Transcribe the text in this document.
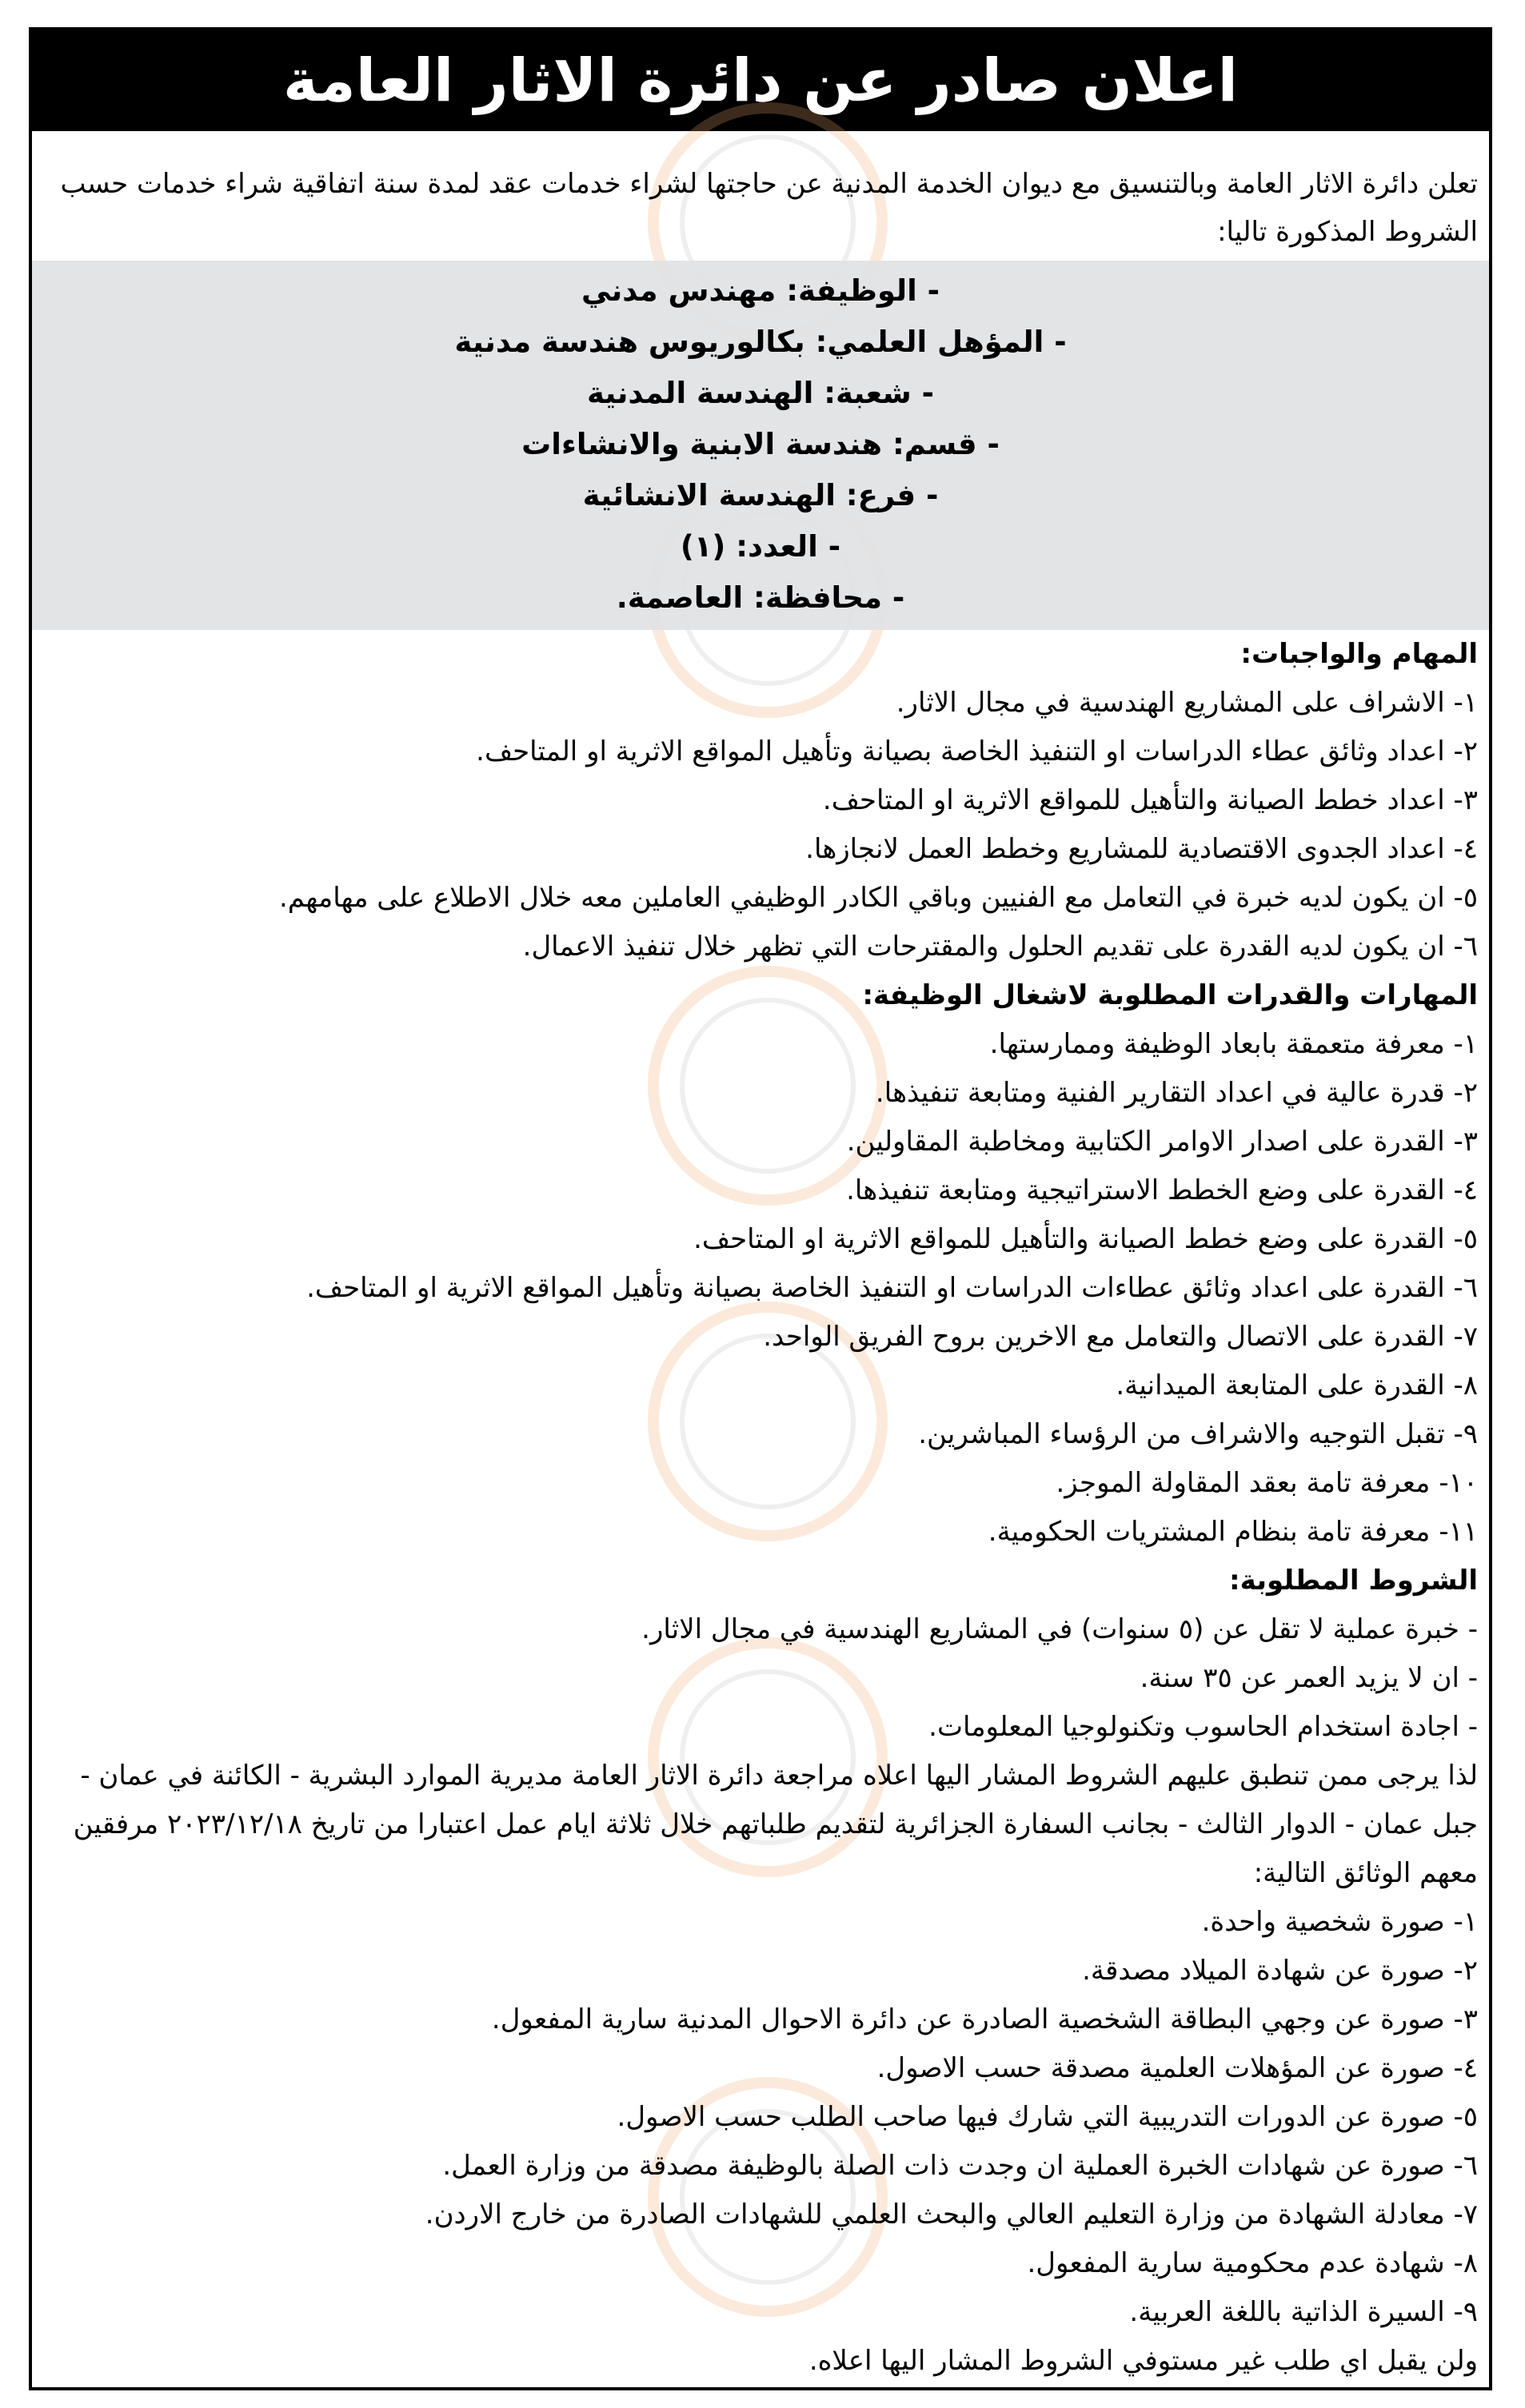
اعلان صادر عن دائرة الاثار العامة
تعلن دائرة الاثار العامة وبالتنسيق مع ديوان الخدمة المدنية عن حاجتها لشراء خدمات عقد لمدة سنة اتفاقية شراء خدمات حسب الشروط المذكورة تاليا:
- الوظيفة: مهندس مدني
- المؤهل العلمي: بكالوريوس هندسة مدنية
- شعبة: الهندسة المدنية
- قسم: هندسة الابنية والانشاءات
- فرع: الهندسة الانشائية
- العدد: (١)
- محافظة: العاصمة.
المهام والواجبات:
١- الاشراف على المشاريع الهندسية في مجال الاثار.
٢- اعداد وثائق عطاء الدراسات او التنفيذ الخاصة بصيانة وتأهيل المواقع الاثرية او المتاحف.
٣- اعداد خطط الصيانة والتأهيل للمواقع الاثرية او المتاحف.
٤- اعداد الجدوى الاقتصادية للمشاريع وخطط العمل لانجازها.
٥- ان يكون لديه خبرة في التعامل مع الفنيين وباقي الكادر الوظيفي العاملين معه خلال الاطلاع على مهامهم.
٦- ان يكون لديه القدرة على تقديم الحلول والمقترحات التي تظهر خلال تنفيذ الاعمال.
المهارات والقدرات المطلوبة لاشغال الوظيفة:
١- معرفة متعمقة بابعاد الوظيفة وممارستها.
٢- قدرة عالية في اعداد التقارير الفنية ومتابعة تنفيذها.
٣- القدرة على اصدار الاوامر الكتابية ومخاطبة المقاولين.
٤- القدرة على وضع الخطط الاستراتيجية ومتابعة تنفيذها.
٥- القدرة على وضع خطط الصيانة والتأهيل للمواقع الاثرية او المتاحف.
٦- القدرة على اعداد وثائق عطاءات الدراسات او التنفيذ الخاصة بصيانة وتأهيل المواقع الاثرية او المتاحف.
٧- القدرة على الاتصال والتعامل مع الاخرين بروح الفريق الواحد.
٨- القدرة على المتابعة الميدانية.
٩- تقبل التوجيه والاشراف من الرؤساء المباشرين.
١٠- معرفة تامة بعقد المقاولة الموجز.
١١- معرفة تامة بنظام المشتريات الحكومية.
الشروط المطلوبة:
- خبرة عملية لا تقل عن (٥ سنوات) في المشاريع الهندسية في مجال الاثار.
- ان لا يزيد العمر عن ٣٥ سنة.
- اجادة استخدام الحاسوب وتكنولوجيا المعلومات.
لذا يرجى ممن تنطبق عليهم الشروط المشار اليها اعلاه مراجعة دائرة الاثار العامة مديرية الموارد البشرية - الكائنة في عمان - جبل عمان - الدوار الثالث - بجانب السفارة الجزائرية لتقديم طلباتهم خلال ثلاثة ايام عمل اعتبارا من تاريخ ٢٠٢٣/١٢/١٨ مرفقين معهم الوثائق التالية:
١- صورة شخصية واحدة.
٢- صورة عن شهادة الميلاد مصدقة.
٣- صورة عن وجهي البطاقة الشخصية الصادرة عن دائرة الاحوال المدنية سارية المفعول.
٤- صورة عن المؤهلات العلمية مصدقة حسب الاصول.
٥- صورة عن الدورات التدريبية التي شارك فيها صاحب الطلب حسب الاصول.
٦- صورة عن شهادات الخبرة العملية ان وجدت ذات الصلة بالوظيفة مصدقة من وزارة العمل.
٧- معادلة الشهادة من وزارة التعليم العالي والبحث العلمي للشهادات الصادرة من خارج الاردن.
٨- شهادة عدم محكومية سارية المفعول.
٩- السيرة الذاتية باللغة العربية.
ولن يقبل اي طلب غير مستوفي الشروط المشار اليها اعلاه.
